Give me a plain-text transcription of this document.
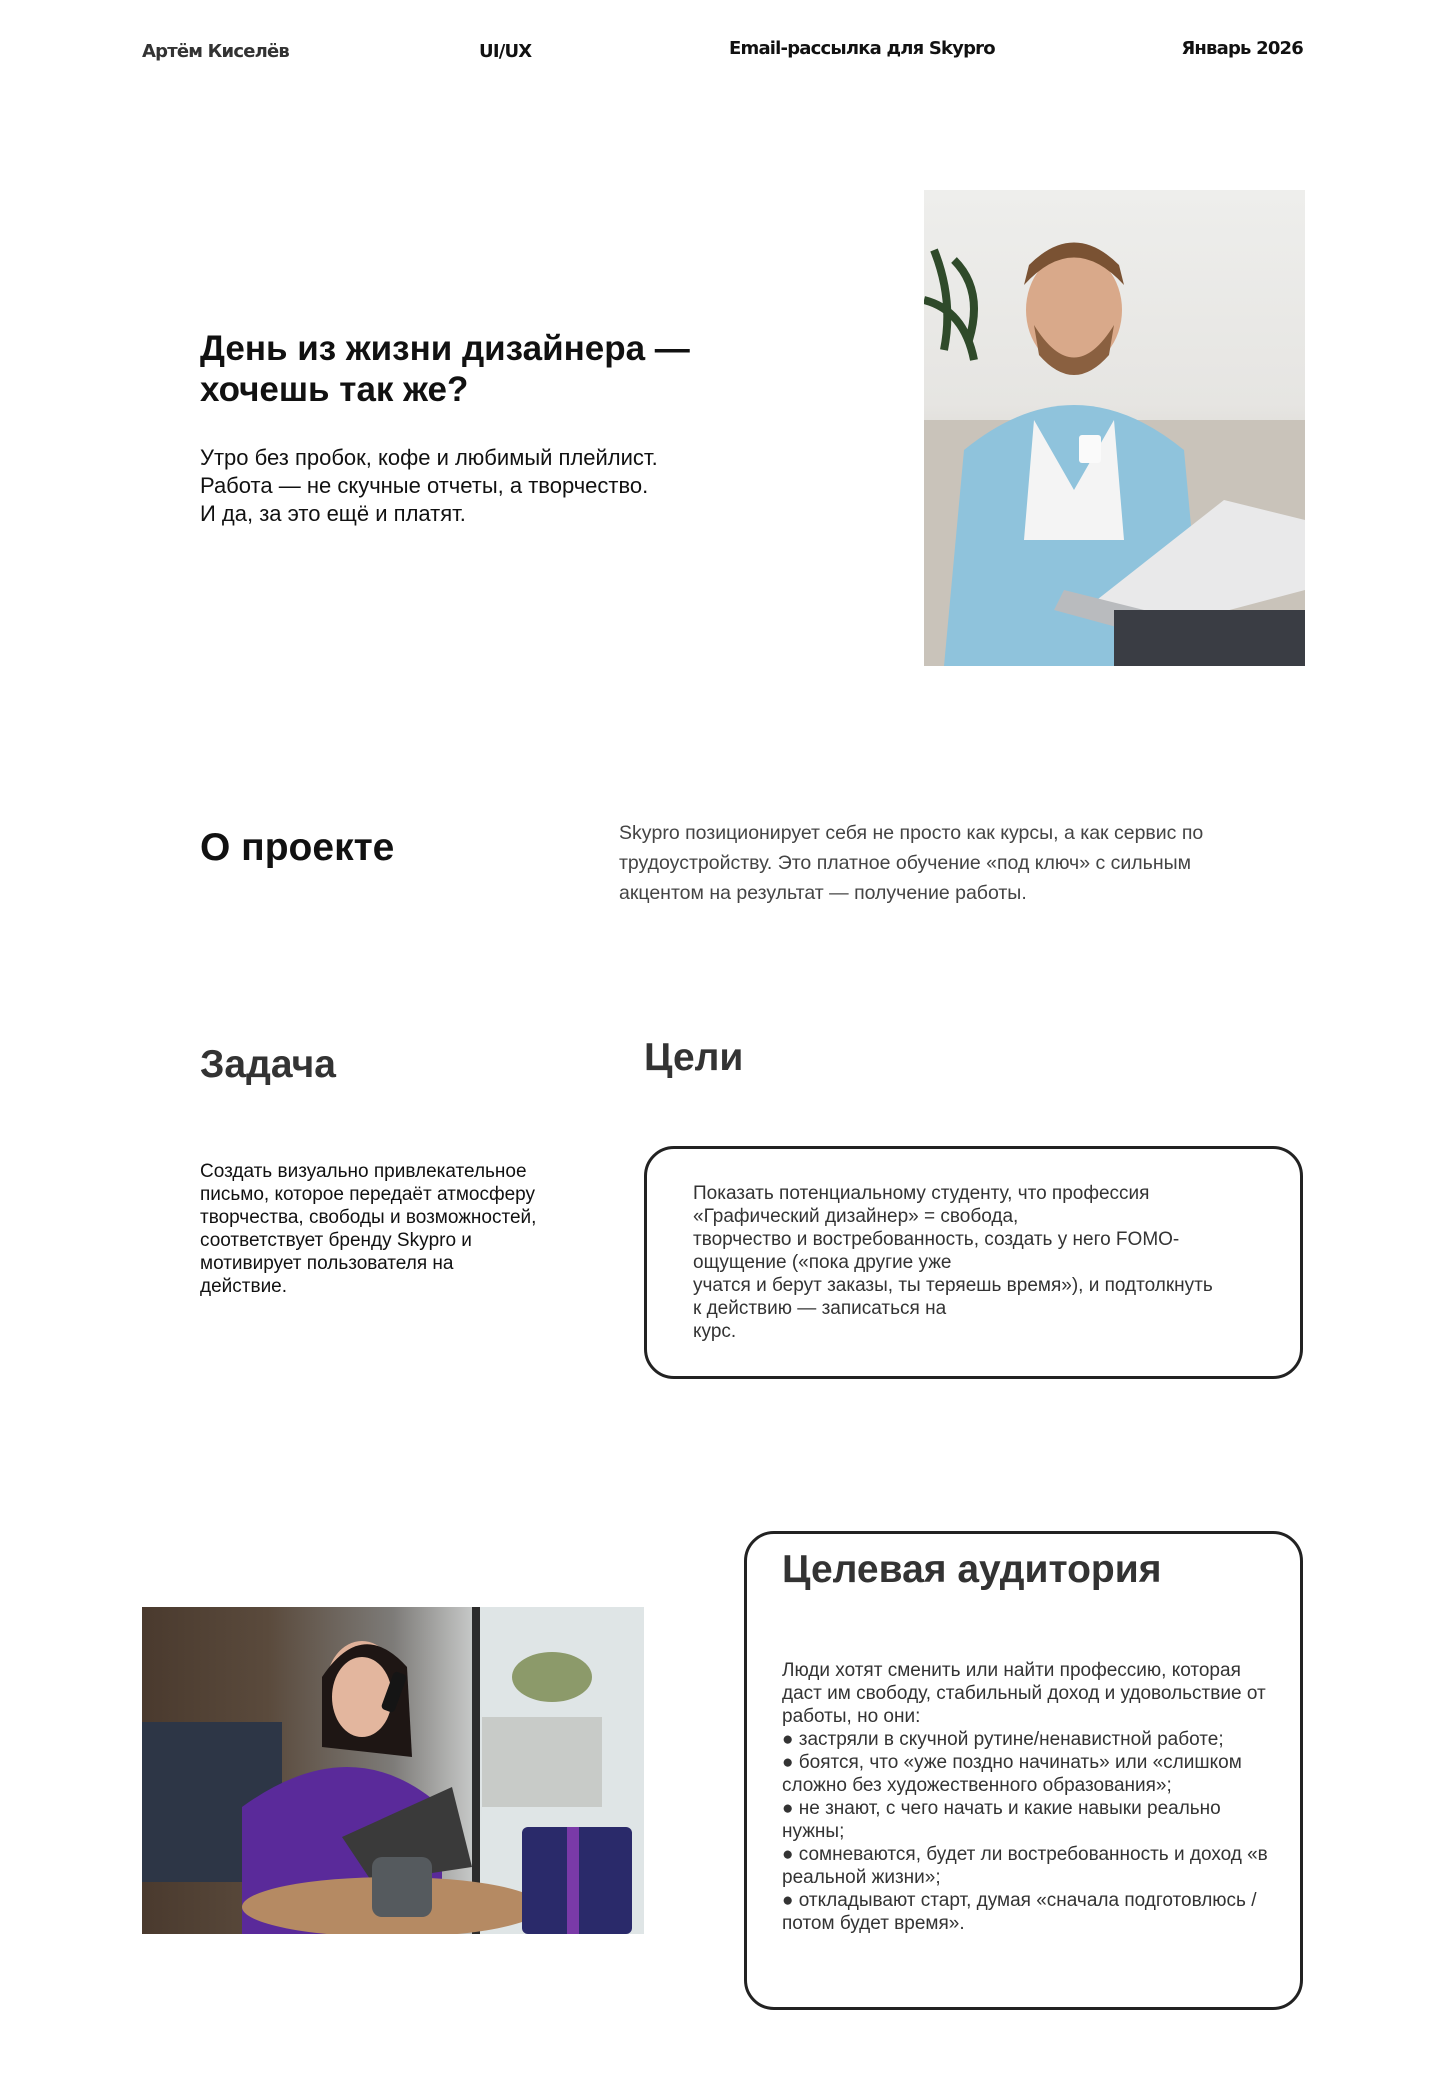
Артём Киселёв	UI/UX	Email-рассылка для Skypro	Январь 2026
День из жизни дизайнера — хочешь так же?

Утро без пробок, кофе и любимый плейлист.
Работа — не скучные отчеты, а творчество.
И да, за это ещё и платят.

О проекте	Skypro позиционирует себя не просто как курсы, а как сервис по трудоустройству. Это платное обучение «под ключ» с сильным акцентом на результат — получение работы.

Задача	Цели

Создать визуально привлекательное письмо, которое передаёт атмосферу творчества, свободы и возможностей, соответствует бренду Skypro и мотивирует пользователя на действие.

Показать потенциальному студенту, что профессия
«Графический дизайнер» = свобода,
творчество и востребованность, создать у него FOMO-
ощущение («пока другие уже
учатся и берут заказы, ты теряешь время»), и подтолкнуть
к действию — записаться на
курс.

Целевая аудитория

Люди хотят сменить или найти профессию, которая даст им свободу, стабильный доход и удовольствие от работы, но они:

● застряли в скучной рутине/ненавистной работе;

● боятся, что «уже поздно начинать» или «слишком сложно без художественного образования»;

● не знают, с чего начать и какие навыки реально нужны;

● сомневаются, будет ли востребованность и доход «в реальной жизни»;

● откладывают старт, думая «сначала подготовлюсь / потом будет время».
